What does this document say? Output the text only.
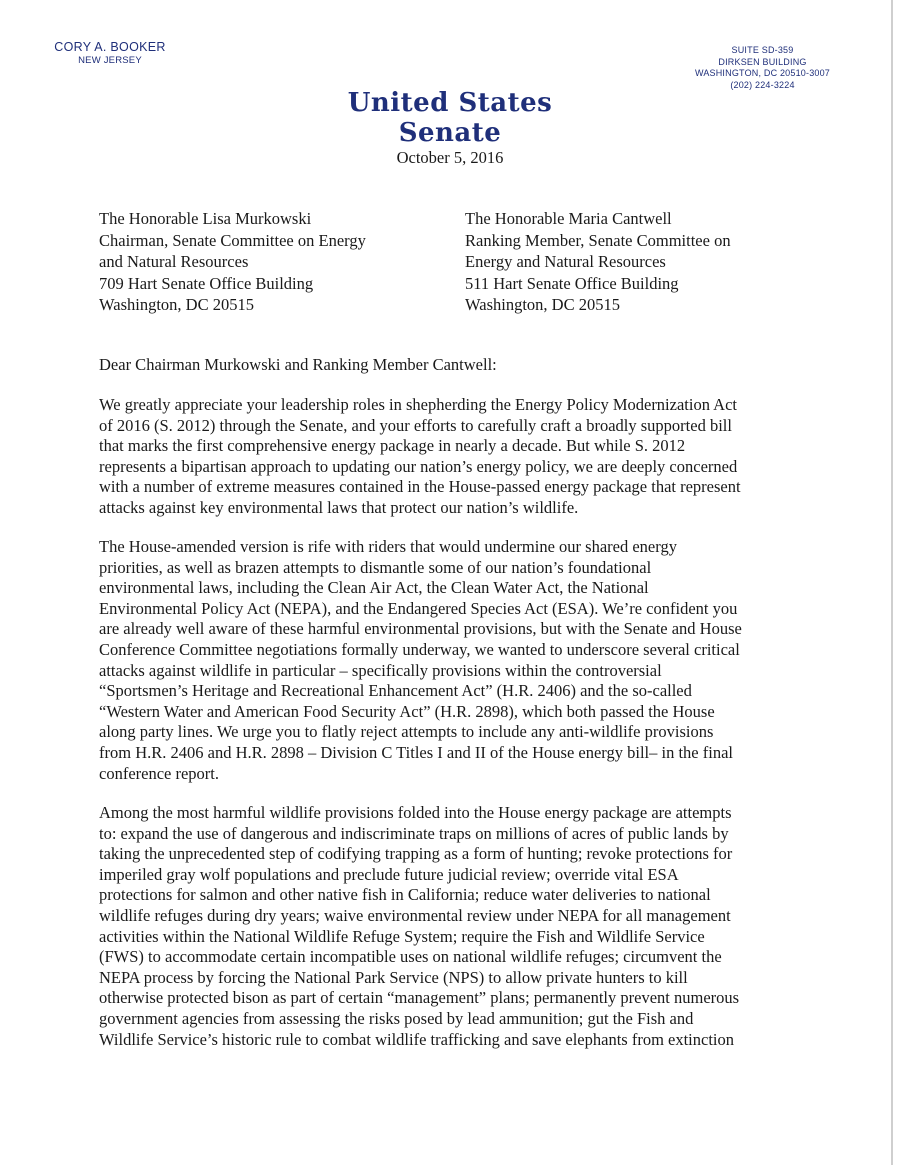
CORY A. BOOKER
NEW JERSEY
SUITE SD-359
DIRKSEN BUILDING
WASHINGTON, DC 20510-3007
(202) 224-3224
United States Senate
October 5, 2016
The Honorable Lisa Murkowski
Chairman, Senate Committee on Energy
and Natural Resources
709 Hart Senate Office Building
Washington, DC 20515
The Honorable Maria Cantwell
Ranking Member, Senate Committee on
Energy and Natural Resources
511 Hart Senate Office Building
Washington, DC 20515
Dear Chairman Murkowski and Ranking Member Cantwell:
We greatly appreciate your leadership roles in shepherding the Energy Policy Modernization Act
of 2016 (S. 2012) through the Senate, and your efforts to carefully craft a broadly supported bill
that marks the first comprehensive energy package in nearly a decade. But while S. 2012
represents a bipartisan approach to updating our nation’s energy policy, we are deeply concerned
with a number of extreme measures contained in the House-passed energy package that represent
attacks against key environmental laws that protect our nation’s wildlife.
The House-amended version is rife with riders that would undermine our shared energy
priorities, as well as brazen attempts to dismantle some of our nation’s foundational
environmental laws, including the Clean Air Act, the Clean Water Act, the National
Environmental Policy Act (NEPA), and the Endangered Species Act (ESA). We’re confident you
are already well aware of these harmful environmental provisions, but with the Senate and House
Conference Committee negotiations formally underway, we wanted to underscore several critical
attacks against wildlife in particular – specifically provisions within the controversial
“Sportsmen’s Heritage and Recreational Enhancement Act” (H.R. 2406) and the so-called
“Western Water and American Food Security Act” (H.R. 2898), which both passed the House
along party lines. We urge you to flatly reject attempts to include any anti-wildlife provisions
from H.R. 2406 and H.R. 2898 – Division C Titles I and II of the House energy bill– in the final
conference report.
Among the most harmful wildlife provisions folded into the House energy package are attempts
to: expand the use of dangerous and indiscriminate traps on millions of acres of public lands by
taking the unprecedented step of codifying trapping as a form of hunting; revoke protections for
imperiled gray wolf populations and preclude future judicial review; override vital ESA
protections for salmon and other native fish in California; reduce water deliveries to national
wildlife refuges during dry years; waive environmental review under NEPA for all management
activities within the National Wildlife Refuge System; require the Fish and Wildlife Service
(FWS) to accommodate certain incompatible uses on national wildlife refuges; circumvent the
NEPA process by forcing the National Park Service (NPS) to allow private hunters to kill
otherwise protected bison as part of certain “management” plans; permanently prevent numerous
government agencies from assessing the risks posed by lead ammunition; gut the Fish and
Wildlife Service’s historic rule to combat wildlife trafficking and save elephants from extinction
